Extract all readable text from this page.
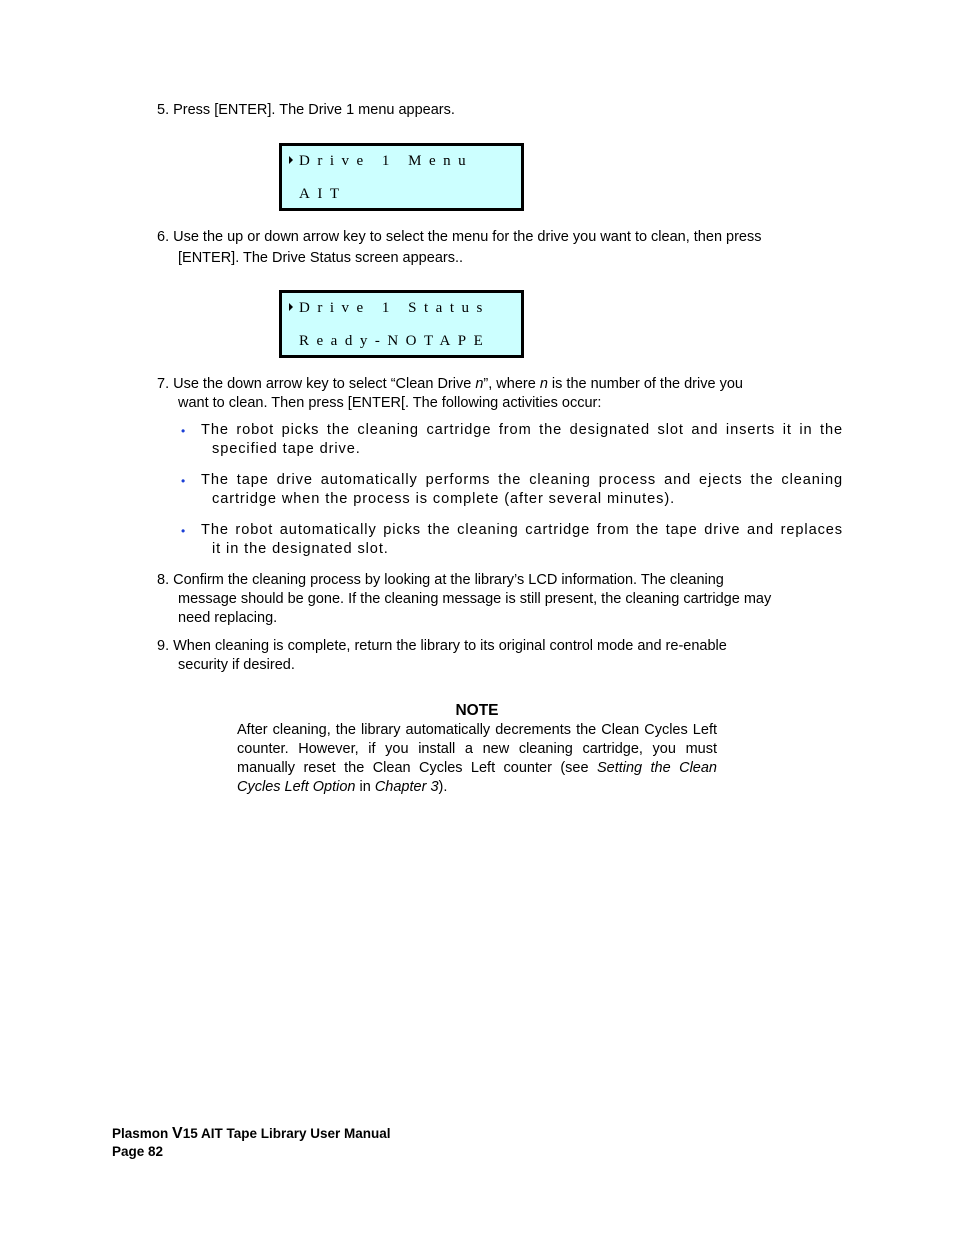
5. Press [ENTER]. The Drive 1 menu appears.
Drive 1 Menu
AIT
6. Use the up or down arrow key to select the menu for the drive you want to clean, then press
[ENTER]. The Drive Status screen appears..
Drive 1 Status
Ready-NOTAPE
7. Use the down arrow key to select “Clean Drive n”, where n is the number of the drive you
want to clean. Then press [ENTER[. The following activities occur:
•	The robot picks the cleaning cartridge from the designated slot and inserts it in the
specified tape drive.
•	The tape drive automatically performs the cleaning process and ejects the cleaning
cartridge when the process is complete (after several minutes).
•	The robot automatically picks the cleaning cartridge from the tape drive and replaces
it in the designated slot.
8. Confirm the cleaning process by looking at the library’s LCD information. The cleaning
message should be gone. If the cleaning message is still present, the cleaning cartridge may
need replacing.
9. When cleaning is complete, return the library to its original control mode and re-enable
security if desired.
NOTE
After cleaning, the library automatically decrements the Clean Cycles Left counter. However, if you install a new cleaning cartridge, you must manually reset the Clean Cycles Left counter (see Setting the Clean Cycles Left Option in Chapter 3).
Plasmon V15 AIT Tape Library User Manual
Page 82
